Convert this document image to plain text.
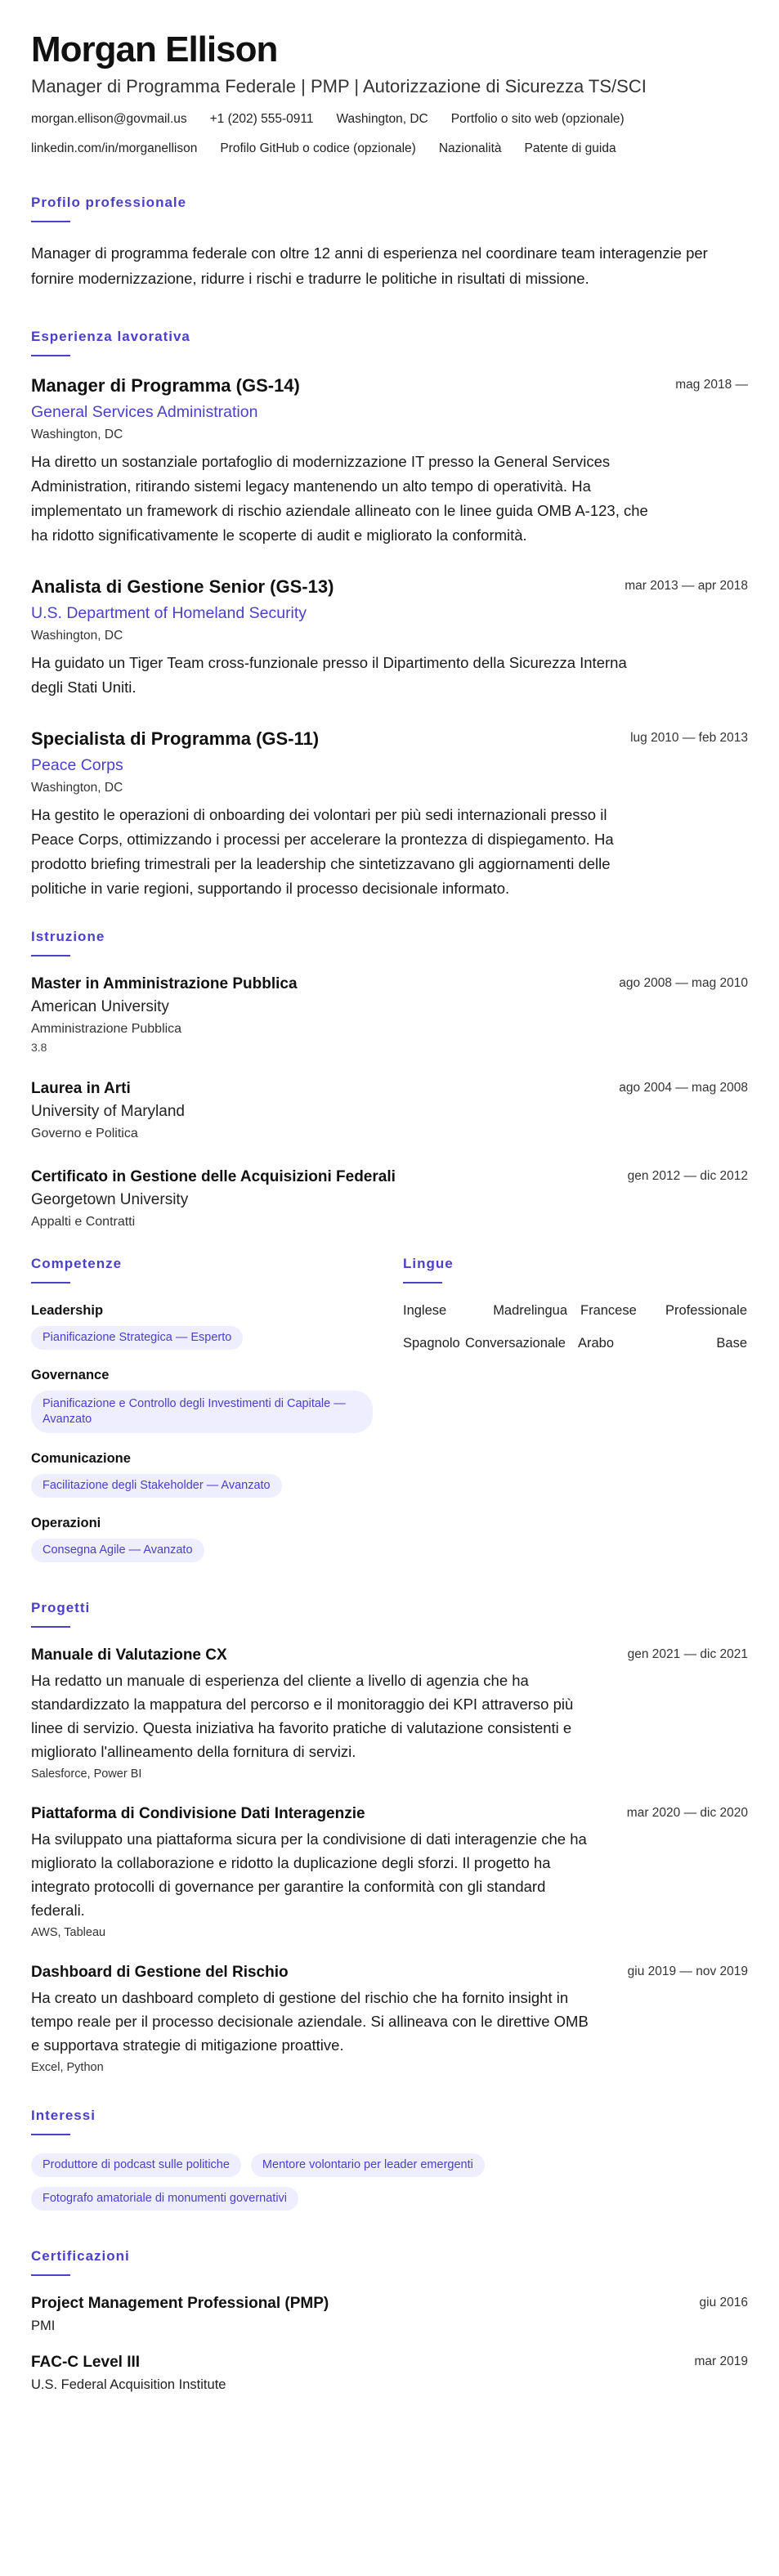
Morgan Ellison
Manager di Programma Federale | PMP | Autorizzazione di Sicurezza TS/SCI
morgan.ellison@govmail.us +1 (202) 555-0911 Washington, DC Portfolio o sito web (opzionale)
linkedin.com/in/morganellison Profilo GitHub o codice (opzionale) Nazionalità Patente di guida
Profilo professionale

Manager di programma federale con oltre 12 anni di esperienza nel coordinare team interagenzie per fornire modernizzazione, ridurre i rischi e tradurre le politiche in risultati di missione.

Esperienza lavorativa
Manager di Programma (GS-14)	mag 2018 —
General Services Administration
Washington, DC

Ha diretto un sostanziale portafoglio di modernizzazione IT presso la General Services Administration, ritirando sistemi legacy mantenendo un alto tempo di operatività. Ha implementato un framework di rischio aziendale allineato con le linee guida OMB A-123, che ha ridotto significativamente le scoperte di audit e migliorato la conformità.

Analista di Gestione Senior (GS-13)	mar 2013 — apr 2018
U.S. Department of Homeland Security
Washington, DC

Ha guidato un Tiger Team cross-funzionale presso il Dipartimento della Sicurezza Interna degli Stati Uniti.

Specialista di Programma (GS-11)	lug 2010 — feb 2013
Peace Corps
Washington, DC

Ha gestito le operazioni di onboarding dei volontari per più sedi internazionali presso il Peace Corps, ottimizzando i processi per accelerare la prontezza di dispiegamento. Ha prodotto briefing trimestrali per la leadership che sintetizzavano gli aggiornamenti delle politiche in varie regioni, supportando il processo decisionale informato.

Istruzione
Master in Amministrazione Pubblica	ago 2008 — mag 2010
American University
Amministrazione Pubblica
3.8
Laurea in Arti	ago 2004 — mag 2008
University of Maryland
Governo e Politica
Certificato in Gestione delle Acquisizioni Federali	gen 2012 — dic 2012
Georgetown University
Appalti e Contratti
Competenze
Leadership
Pianificazione Strategica — Esperto
Governance
Pianificazione e Controllo degli Investimenti di Capitale — Avanzato
Comunicazione
Facilitazione degli Stakeholder — Avanzato
Operazioni
Consegna Agile — Avanzato
Lingue
Inglese	Madrelingua Francese	Professionale
Spagnolo Conversazionale Arabo	Base
Progetti
Manuale di Valutazione CX	gen 2021 — dic 2021

Ha redatto un manuale di esperienza del cliente a livello di agenzia che ha standardizzato la mappatura del percorso e il monitoraggio dei KPI attraverso più linee di servizio. Questa iniziativa ha favorito pratiche di valutazione consistenti e migliorato l'allineamento della fornitura di servizi.

Salesforce, Power BI
Piattaforma di Condivisione Dati Interagenzie	mar 2020 — dic 2020

Ha sviluppato una piattaforma sicura per la condivisione di dati interagenzie che ha migliorato la collaborazione e ridotto la duplicazione degli sforzi. Il progetto ha integrato protocolli di governance per garantire la conformità con gli standard federali.

AWS, Tableau
Dashboard di Gestione del Rischio	giu 2019 — nov 2019

Ha creato un dashboard completo di gestione del rischio che ha fornito insight in tempo reale per il processo decisionale aziendale. Si allineava con le direttive OMB e supportava strategie di mitigazione proattive.

Excel, Python
Interessi
Produttore di podcast sulle politiche	Mentore volontario per leader emergenti
Fotografo amatoriale di monumenti governativi
Certificazioni
Project Management Professional (PMP)	giu 2016
PMI
FAC-C Level III	mar 2019
U.S. Federal Acquisition Institute
